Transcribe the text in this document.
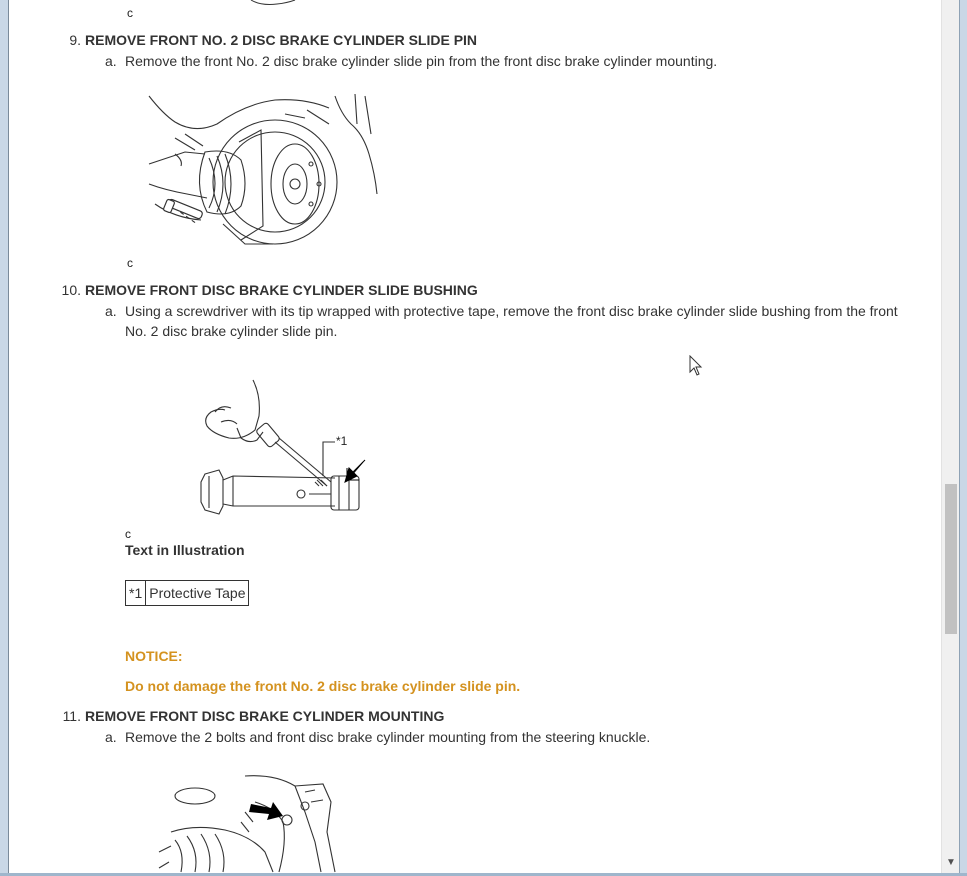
c
9. REMOVE FRONT NO. 2 DISC BRAKE CYLINDER SLIDE PIN
a. Remove the front No. 2 disc brake cylinder slide pin from the front disc brake cylinder mounting.
c
10. REMOVE FRONT DISC BRAKE CYLINDER SLIDE BUSHING
a. Using a screwdriver with its tip wrapped with protective tape, remove the front disc brake cylinder slide bushing from the front
No. 2 disc brake cylinder slide pin.
*1
c
Text in Illustration
*1	Protective Tape
NOTICE:
Do not damage the front No. 2 disc brake cylinder slide pin.
11. REMOVE FRONT DISC BRAKE CYLINDER MOUNTING
a. Remove the 2 bolts and front disc brake cylinder mounting from the steering knuckle.
▼
